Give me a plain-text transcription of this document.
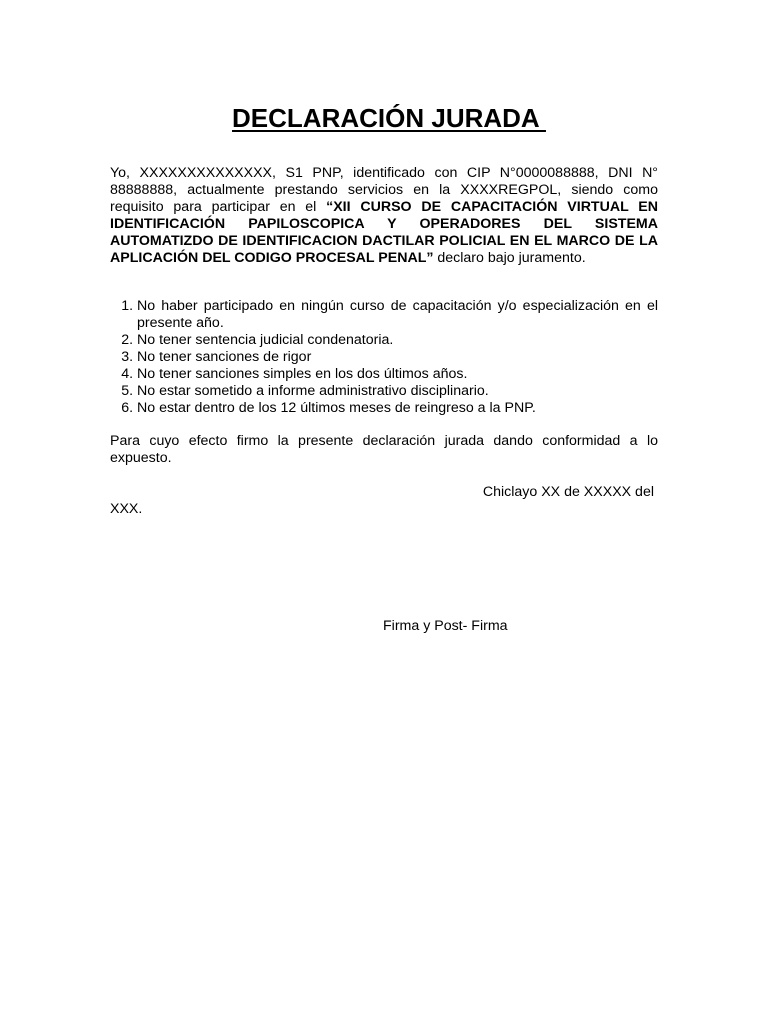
DECLARACIÓN JURADA
Yo, XXXXXXXXXXXXXX, S1 PNP, identificado con CIP N°0000088888, DNI N° 88888888, actualmente prestando servicios en la XXXXREGPOL, siendo como requisito para participar en el “XII CURSO DE CAPACITACIÓN VIRTUAL EN IDENTIFICACIÓN PAPILOSCOPICA Y OPERADORES DEL SISTEMA AUTOMATIZDO DE IDENTIFICACION DACTILAR POLICIAL EN EL MARCO DE LA APLICACIÓN DEL CODIGO PROCESAL PENAL” declaro bajo juramento.
1. No haber participado en ningún curso de capacitación y/o especialización en el presente año.
2. No tener sentencia judicial condenatoria.
3. No tener sanciones de rigor
4. No tener sanciones simples en los dos últimos años.
5. No estar sometido a informe administrativo disciplinario.
6. No estar dentro de los 12 últimos meses de reingreso a la PNP.
Para cuyo efecto firmo la presente declaración jurada dando conformidad a lo expuesto.
Chiclayo XX de XXXXX del
XXX.
Firma y Post- Firma
